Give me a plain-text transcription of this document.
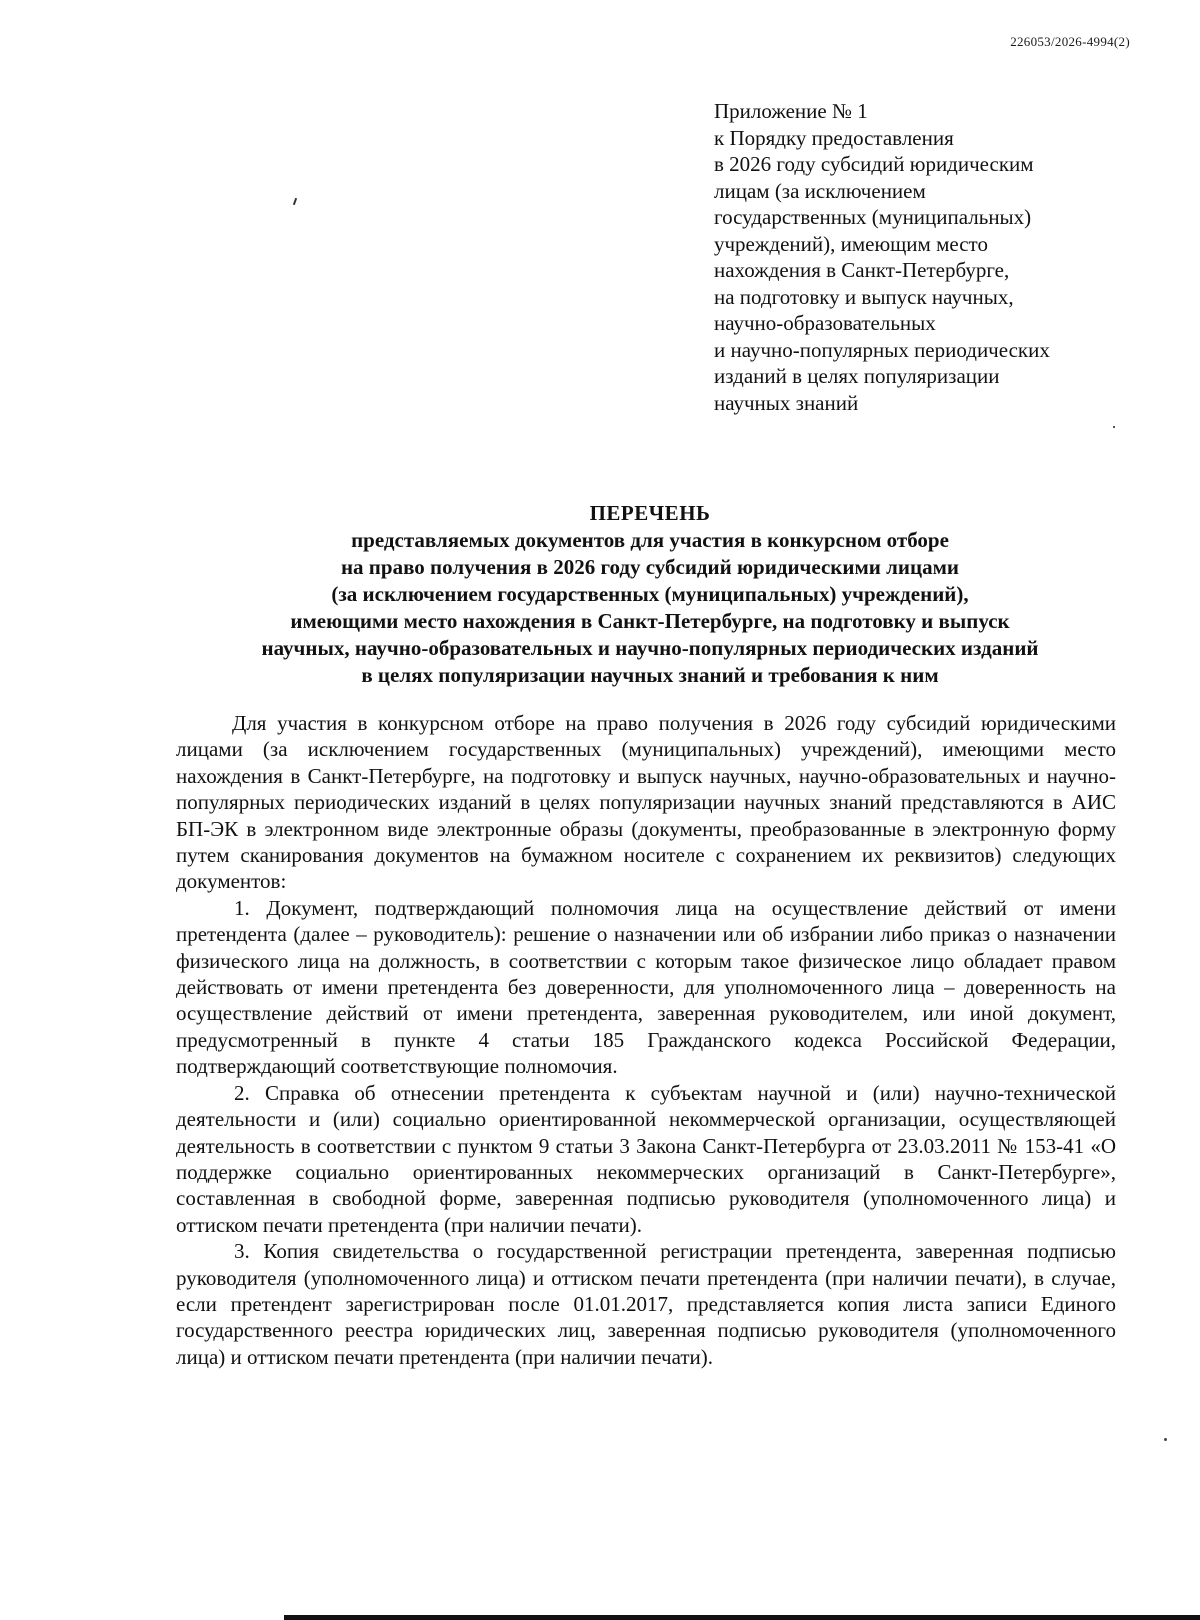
226053/2026-4994(2)
Приложение № 1
к Порядку предоставления
в 2026 году субсидий юридическим
лицам (за исключением
государственных (муниципальных)
учреждений), имеющим место
нахождения в Санкт-Петербурге,
на подготовку и выпуск научных,
научно-образовательных
и научно-популярных периодических
изданий в целях популяризации
научных знаний
ПЕРЕЧЕНЬ
представляемых документов для участия в конкурсном отборе
на право получения в 2026 году субсидий юридическими лицами
(за исключением государственных (муниципальных) учреждений),
имеющими место нахождения в Санкт-Петербурге, на подготовку и выпуск
научных, научно-образовательных и научно-популярных периодических изданий
в целях популяризации научных знаний и требования к ним

Для участия в конкурсном отборе на право получения в 2026 году субсидий юридическими лицами (за исключением государственных (муниципальных) учреждений), имеющими место нахождения в Санкт-Петербурге, на подготовку и выпуск научных, научно-образовательных и научно-популярных периодических изданий в целях популяризации научных знаний представляются в АИС БП-ЭК в электронном виде электронные образы (документы, преобразованные в электронную форму путем сканирования документов на бумажном носителе с сохранением их реквизитов) следующих документов:

1. Документ, подтверждающий полномочия лица на осуществление действий от имени претендента (далее – руководитель): решение о назначении или об избрании либо приказ о назначении физического лица на должность, в соответствии с которым такое физическое лицо обладает правом действовать от имени претендента без доверенности, для уполномоченного лица – доверенность на осуществление действий от имени претендента, заверенная руководителем, или иной документ, предусмотренный в пункте 4 статьи 185 Гражданского кодекса Российской Федерации, подтверждающий соответствующие полномочия.

2. Справка об отнесении претендента к субъектам научной и (или) научно-технической деятельности и (или) социально ориентированной некоммерческой организации, осуществляющей деятельность в соответствии с пунктом 9 статьи 3 Закона Санкт-Петербурга от 23.03.2011 № 153-41 «О поддержке социально ориентированных некоммерческих организаций в Санкт-Петербурге», составленная в свободной форме, заверенная подписью руководителя (уполномоченного лица) и оттиском печати претендента (при наличии печати).

3. Копия свидетельства о государственной регистрации претендента, заверенная подписью руководителя (уполномоченного лица) и оттиском печати претендента (при наличии печати), в случае, если претендент зарегистрирован после 01.01.2017, представляется копия листа записи Единого государственного реестра юридических лиц, заверенная подписью руководителя (уполномоченного лица) и оттиском печати претендента (при наличии печати).
